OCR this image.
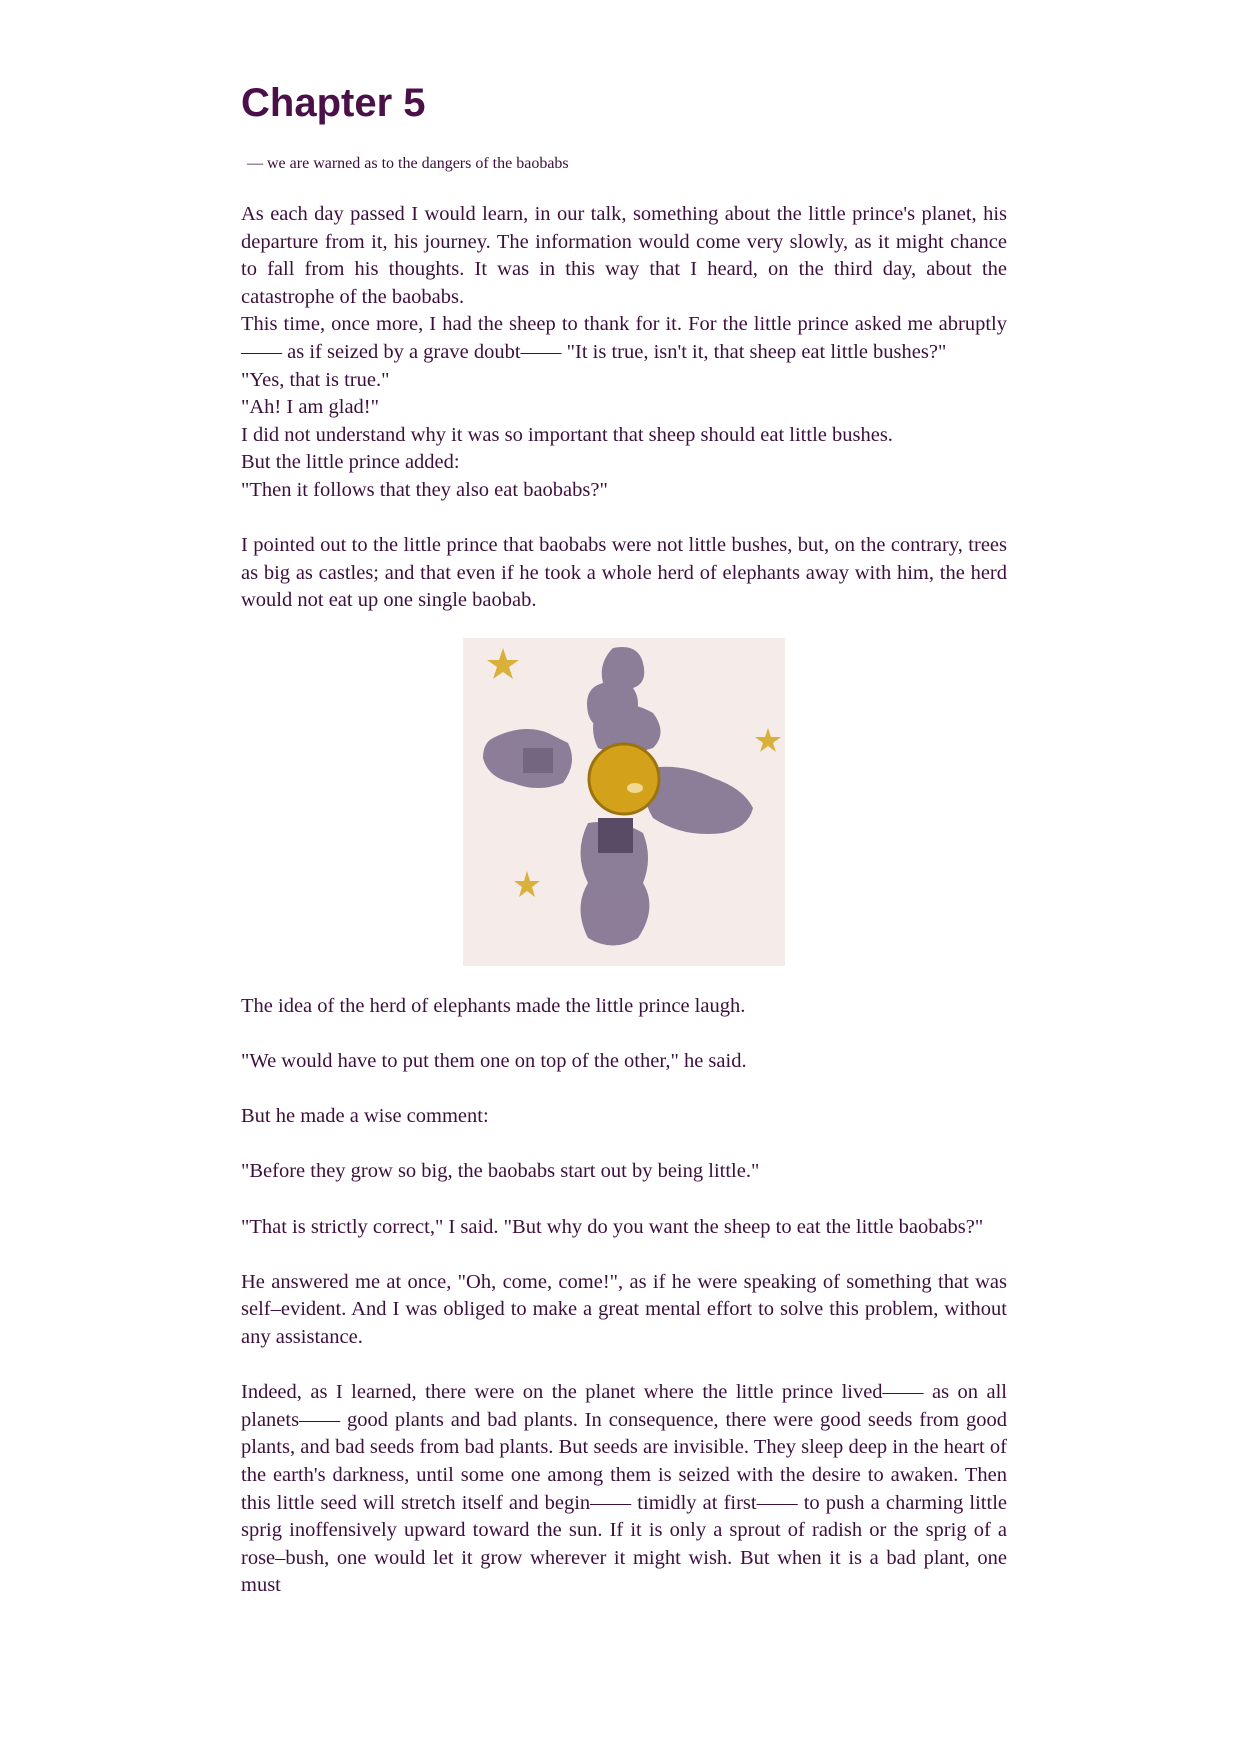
Chapter 5
— we are warned as to the dangers of the baobabs
As each day passed I would learn, in our talk, something about the little prince's planet, his departure from it, his journey. The information would come very slowly, as it might chance to fall from his thoughts. It was in this way that I heard, on the third day, about the catastrophe of the baobabs.
This time, once more, I had the sheep to thank for it. For the little prince asked me abruptly—— as if seized by a grave doubt—— "It is true, isn't it, that sheep eat little bushes?"
"Yes, that is true."
"Ah! I am glad!"
I did not understand why it was so important that sheep should eat little bushes.
But the little prince added:
"Then it follows that they also eat baobabs?"
I pointed out to the little prince that baobabs were not little bushes, but, on the contrary, trees as big as castles; and that even if he took a whole herd of elephants away with him, the herd would not eat up one single baobab.
The idea of the herd of elephants made the little prince laugh.
"We would have to put them one on top of the other," he said.
But he made a wise comment:
"Before they grow so big, the baobabs start out by being little."
"That is strictly correct," I said. "But why do you want the sheep to eat the little baobabs?"
He answered me at once, "Oh, come, come!", as if he were speaking of something that was self–evident. And I was obliged to make a great mental effort to solve this problem, without any assistance.
Indeed, as I learned, there were on the planet where the little prince lived—— as on all planets—— good plants and bad plants. In consequence, there were good seeds from good plants, and bad seeds from bad plants. But seeds are invisible. They sleep deep in the heart of the earth's darkness, until some one among them is seized with the desire to awaken. Then this little seed will stretch itself and begin—— timidly at first—— to push a charming little sprig inoffensively upward toward the sun. If it is only a sprout of radish or the sprig of a rose–bush, one would let it grow wherever it might wish. But when it is a bad plant, one must
